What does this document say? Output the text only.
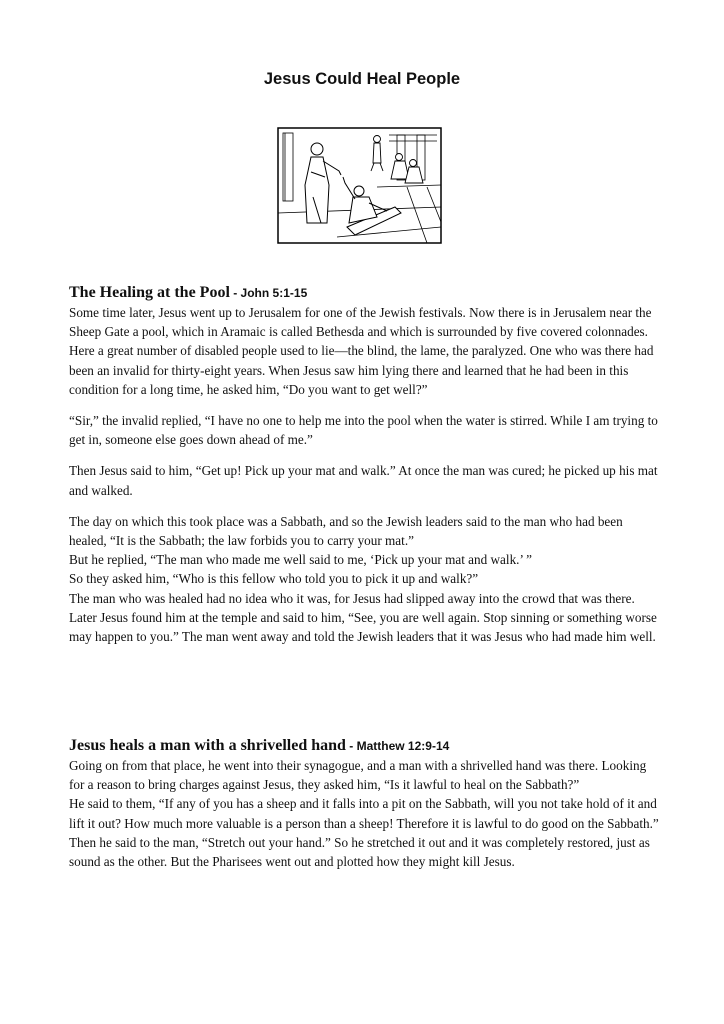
Jesus Could Heal People
The Healing at the Pool - John 5:1-15

Some time later, Jesus went up to Jerusalem for one of the Jewish festivals. Now there is in Jerusalem near the Sheep Gate a pool, which in Aramaic is called Bethesda and which is surrounded by five covered colonnades. Here a great number of disabled people used to lie—the blind, the lame, the paralyzed. One who was there had been an invalid for thirty-eight years. When Jesus saw him lying there and learned that he had been in this condition for a long time, he asked him, “Do you want to get well?”

“Sir,” the invalid replied, “I have no one to help me into the pool when the water is stirred. While I am trying to get in, someone else goes down ahead of me.”

Then Jesus said to him, “Get up! Pick up your mat and walk.” At once the man was cured; he picked up his mat and walked.

The day on which this took place was a Sabbath, and so the Jewish leaders said to the man who had been healed, “It is the Sabbath; the law forbids you to carry your mat.”

But he replied, “The man who made me well said to me, ‘Pick up your mat and walk.’ ”

So they asked him, “Who is this fellow who told you to pick it up and walk?”

The man who was healed had no idea who it was, for Jesus had slipped away into the crowd that was there.

Later Jesus found him at the temple and said to him, “See, you are well again. Stop sinning or something worse may happen to you.” The man went away and told the Jewish leaders that it was Jesus who had made him well.

Jesus heals a man with a shrivelled hand - Matthew 12:9-14

Going on from that place, he went into their synagogue, and a man with a shrivelled hand was there. Looking for a reason to bring charges against Jesus, they asked him, “Is it lawful to heal on the Sabbath?”

He said to them, “If any of you has a sheep and it falls into a pit on the Sabbath, will you not take hold of it and lift it out? How much more valuable is a person than a sheep! Therefore it is lawful to do good on the Sabbath.”

Then he said to the man, “Stretch out your hand.” So he stretched it out and it was completely restored, just as sound as the other. But the Pharisees went out and plotted how they might kill Jesus.
